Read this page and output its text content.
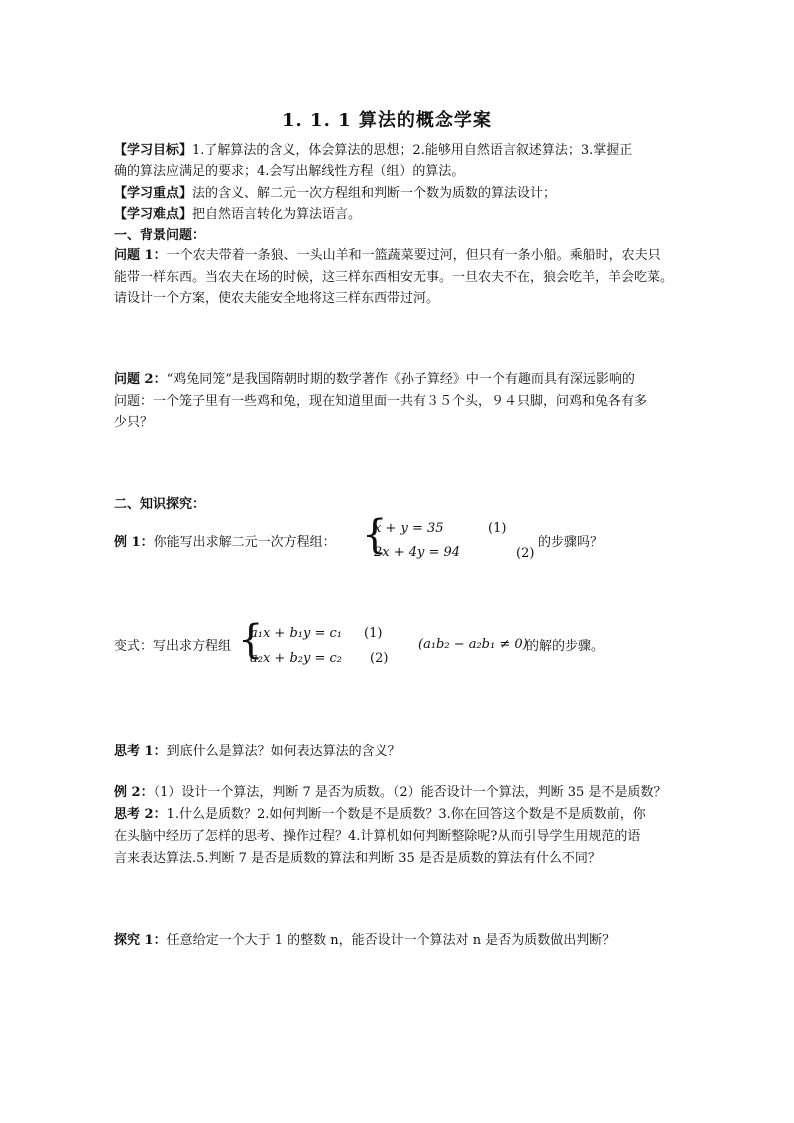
1. 1. 1 算法的概念学案
【学习目标】1.了解算法的含义，体会算法的思想；2.能够用自然语言叙述算法；3.掌握正
确的算法应满足的要求；4.会写出解线性方程（组）的算法。
【学习重点】法的含义、解二元一次方程组和判断一个数为质数的算法设计；
【学习难点】把自然语言转化为算法语言。
一、背景问题：
问题 1：一个农夫带着一条狼、一头山羊和一篮蔬菜要过河，但只有一条小船。乘船时，农夫只
能带一样东西。当农夫在场的时候，这三样东西相安无事。一旦农夫不在，狼会吃羊，羊会吃菜。
请设计一个方案，使农夫能安全地将这三样东西带过河。
问题 2：“鸡兔同笼”是我国隋朝时期的数学著作《孙子算经》中一个有趣而具有深远影响的
问题：一个笼子里有一些鸡和兔，现在知道里面一共有３５个头，９４只脚，问鸡和兔各有多
少只？
二、知识探究：
例 1：你能写出求解二元一次方程组： {
x + y = 35
2x + 4y = 94
(1)
(2)
的步骤吗？
变式：写出求方程组 {
a₁x + b₁y = c₁
a₂x + b₂y = c₂
(1)
(2)
(a₁b₂ − a₂b₁ ≠ 0)
的解的步骤。
思考 1：到底什么是算法？如何表达算法的含义？
例 2：（1）设计一个算法，判断 7 是否为质数。（2）能否设计一个算法，判断 35 是不是质数？
思考 2：1.什么是质数？2.如何判断一个数是不是质数？3.你在回答这个数是不是质数前，你
在头脑中经历了怎样的思考、操作过程？4.计算机如何判断整除呢?从而引导学生用规范的语
言来表达算法.5.判断 7 是否是质数的算法和判断 35 是否是质数的算法有什么不同？
探究 1：任意给定一个大于 1 的整数 n，能否设计一个算法对 n 是否为质数做出判断？
